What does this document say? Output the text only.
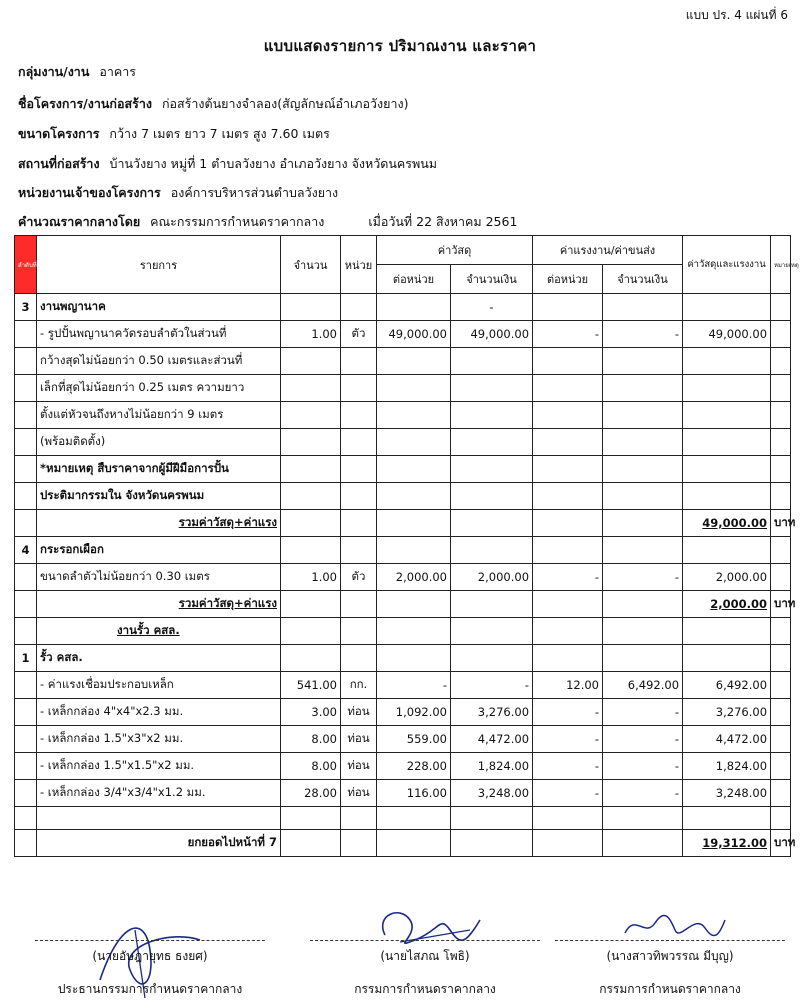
แบบ ปร. 4 แผ่นที่ 6
แบบแสดงรายการ ปริมาณงาน และราคา
กลุ่มงาน/งาน อาคาร
ชื่อโครงการ/งานก่อสร้าง ก่อสร้างต้นยางจำลอง(สัญลักษณ์อำเภอวังยาง)
ขนาดโครงการ กว้าง 7 เมตร ยาว 7 เมตร สูง 7.60 เมตร
สถานที่ก่อสร้าง บ้านวังยาง หมู่ที่ 1 ตำบลวังยาง อำเภอวังยาง จังหวัดนครพนม
หน่วยงานเจ้าของโครงการ องค์การบริหารส่วนตำบลวังยาง
คำนวณราคากลางโดย คณะกรรมการกำหนดราคากลาง	เมื่อวันที่ 22 สิงหาคม 2561
ลำดับที่	รายการ	จำนวน	หน่วย	ค่าวัสดุ		ค่าแรงงาน/ค่าขนส่ง		ค่าวัสดุและแรงงาน	หมายเหตุ
				ต่อหน่วย	จำนวนเงิน	ต่อหน่วย	จำนวนเงิน		
3	งานพญานาค				-				
	- รูปปั้นพญานาควัดรอบลำตัวในส่วนที่	1.00	ตัว	49,000.00	49,000.00	-	-	49,000.00	
	กว้างสุดไม่น้อยกว่า 0.50 เมตรและส่วนที่								
	เล็กที่สุดไม่น้อยกว่า 0.25 เมตร ความยาว								
	ตั้งแต่หัวจนถึงหางไม่น้อยกว่า 9 เมตร								
	(พร้อมติดตั้ง)								
	*หมายเหตุ สืบราคาจากผู้มีฝีมือการปั้น								
	ประติมากรรมใน จังหวัดนครพนม								
	รวมค่าวัสดุ+ค่าแรง							49,000.00	บาท
4	กระรอกเผือก								
	ขนาดลำตัวไม่น้อยกว่า 0.30 เมตร	1.00	ตัว	2,000.00	2,000.00	-	-	2,000.00	
	รวมค่าวัสดุ+ค่าแรง							2,000.00	บาท
	งานรั้ว คสล.								
1	รั้ว คสล.								
	- ค่าแรงเชื่อมประกอบเหล็ก	541.00	กก.	-	-	12.00	6,492.00	6,492.00	
	- เหล็กกล่อง 4"x4"x2.3 มม.	3.00	ท่อน	1,092.00	3,276.00	-	-	3,276.00	
	- เหล็กกล่อง 1.5"x3"x2 มม.	8.00	ท่อน	559.00	4,472.00	-	-	4,472.00	
	- เหล็กกล่อง 1.5"x1.5"x2 มม.	8.00	ท่อน	228.00	1,824.00	-	-	1,824.00	
	- เหล็กกล่อง 3/4"x3/4"x1.2 มม.	28.00	ท่อน	116.00	3,248.00	-	-	3,248.00	

	ยกยอดไปหน้าที่ 7							19,312.00	บาท
(นายอัษฎายุทธ ธงยศ)
ประธานกรรมการกำหนดราคากลาง
(นายไสภณ โพธิ)
กรรมการกำหนดราคากลาง
(นางสาวทิพวรรณ มีบุญ)
กรรมการกำหนดราคากลาง
